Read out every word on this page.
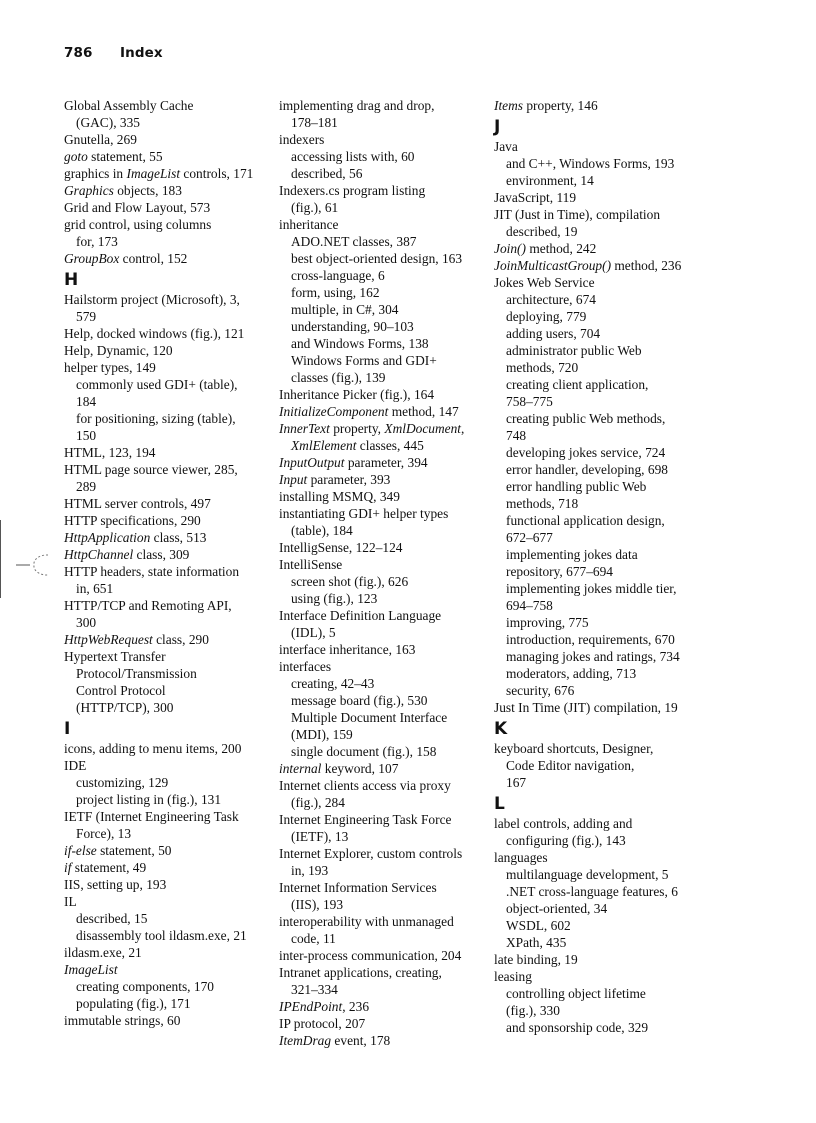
786 Index
Global Assembly Cache
(GAC), 335
Gnutella, 269
goto statement, 55
graphics in ImageList controls, 171
Graphics objects, 183
Grid and Flow Layout, 573
grid control, using columns
for, 173
GroupBox control, 152
H
Hailstorm project (Microsoft), 3,
579
Help, docked windows (fig.), 121
Help, Dynamic, 120
helper types, 149
commonly used GDI+ (table),
184
for positioning, sizing (table),
150
HTML, 123, 194
HTML page source viewer, 285,
289
HTML server controls, 497
HTTP specifications, 290
HttpApplication class, 513
HttpChannel class, 309
HTTP headers, state information
in, 651
HTTP/TCP and Remoting API,
300
HttpWebRequest class, 290
Hypertext Transfer
Protocol/Transmission
Control Protocol
(HTTP/TCP), 300
I
icons, adding to menu items, 200
IDE
customizing, 129
project listing in (fig.), 131
IETF (Internet Engineering Task
Force), 13
if-else statement, 50
if statement, 49
IIS, setting up, 193
IL
described, 15
disassembly tool ildasm.exe, 21
ildasm.exe, 21
ImageList
creating components, 170
populating (fig.), 171
immutable strings, 60
implementing drag and drop,
178–181
indexers
accessing lists with, 60
described, 56
Indexers.cs program listing
(fig.), 61
inheritance
ADO.NET classes, 387
best object-oriented design, 163
cross-language, 6
form, using, 162
multiple, in C#, 304
understanding, 90–103
and Windows Forms, 138
Windows Forms and GDI+
classes (fig.), 139
Inheritance Picker (fig.), 164
InitializeComponent method, 147
InnerText property, XmlDocument,
XmlElement classes, 445
InputOutput parameter, 394
Input parameter, 393
installing MSMQ, 349
instantiating GDI+ helper types
(table), 184
IntelligSense, 122–124
IntelliSense
screen shot (fig.), 626
using (fig.), 123
Interface Definition Language
(IDL), 5
interface inheritance, 163
interfaces
creating, 42–43
message board (fig.), 530
Multiple Document Interface
(MDI), 159
single document (fig.), 158
internal keyword, 107
Internet clients access via proxy
(fig.), 284
Internet Engineering Task Force
(IETF), 13
Internet Explorer, custom controls
in, 193
Internet Information Services
(IIS), 193
interoperability with unmanaged
code, 11
inter-process communication, 204
Intranet applications, creating,
321–334
IPEndPoint, 236
IP protocol, 207
ItemDrag event, 178
Items property, 146
J
Java
and C++, Windows Forms, 193
environment, 14
JavaScript, 119
JIT (Just in Time), compilation
described, 19
Join() method, 242
JoinMulticastGroup() method, 236
Jokes Web Service
architecture, 674
deploying, 779
adding users, 704
administrator public Web
methods, 720
creating client application,
758–775
creating public Web methods,
748
developing jokes service, 724
error handler, developing, 698
error handling public Web
methods, 718
functional application design,
672–677
implementing jokes data
repository, 677–694
implementing jokes middle tier,
694–758
improving, 775
introduction, requirements, 670
managing jokes and ratings, 734
moderators, adding, 713
security, 676
Just In Time (JIT) compilation, 19
K
keyboard shortcuts, Designer,
Code Editor navigation,
167
L
label controls, adding and
configuring (fig.), 143
languages
multilanguage development, 5
.NET cross-language features, 6
object-oriented, 34
WSDL, 602
XPath, 435
late binding, 19
leasing
controlling object lifetime
(fig.), 330
and sponsorship code, 329
